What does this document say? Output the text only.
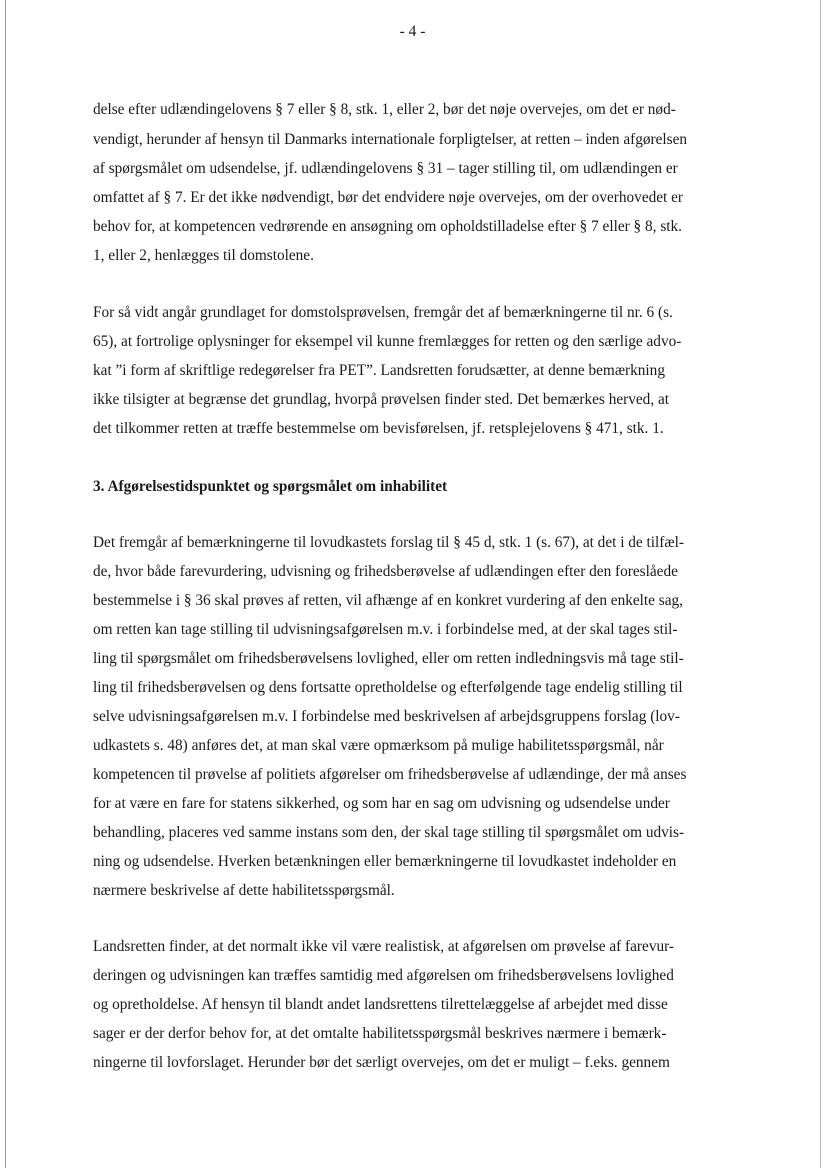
- 4 -
delse efter udlændingelovens § 7 eller § 8, stk. 1, eller 2, bør det nøje overvejes, om det er nød-
vendigt, herunder af hensyn til Danmarks internationale forpligtelser, at retten – inden afgørelsen
af spørgsmålet om udsendelse, jf. udlændingelovens § 31 – tager stilling til, om udlændingen er
omfattet af § 7. Er det ikke nødvendigt, bør det endvidere nøje overvejes, om der overhovedet er
behov for, at kompetencen vedrørende en ansøgning om opholdstilladelse efter § 7 eller § 8, stk.
1, eller 2, henlægges til domstolene.
For så vidt angår grundlaget for domstolsprøvelsen, fremgår det af bemærkningerne til nr. 6 (s.
65), at fortrolige oplysninger for eksempel vil kunne fremlægges for retten og den særlige advo-
kat ”i form af skriftlige redegørelser fra PET”. Landsretten forudsætter, at denne bemærkning
ikke tilsigter at begrænse det grundlag, hvorpå prøvelsen finder sted. Det bemærkes herved, at
det tilkommer retten at træffe bestemmelse om bevisførelsen, jf. retsplejelovens § 471, stk. 1.
3. Afgørelsestidspunktet og spørgsmålet om inhabilitet
Det fremgår af bemærkningerne til lovudkastets forslag til § 45 d, stk. 1 (s. 67), at det i de tilfæl-
de, hvor både farevurdering, udvisning og frihedsberøvelse af udlændingen efter den foreslåede
bestemmelse i § 36 skal prøves af retten, vil afhænge af en konkret vurdering af den enkelte sag,
om retten kan tage stilling til udvisningsafgørelsen m.v. i forbindelse med, at der skal tages stil-
ling til spørgsmålet om frihedsberøvelsens lovlighed, eller om retten indledningsvis må tage stil-
ling til frihedsberøvelsen og dens fortsatte opretholdelse og efterfølgende tage endelig stilling til
selve udvisningsafgørelsen m.v. I forbindelse med beskrivelsen af arbejdsgruppens forslag (lov-
udkastets s. 48) anføres det, at man skal være opmærksom på mulige habilitetsspørgsmål, når
kompetencen til prøvelse af politiets afgørelser om frihedsberøvelse af udlændinge, der må anses
for at være en fare for statens sikkerhed, og som har en sag om udvisning og udsendelse under
behandling, placeres ved samme instans som den, der skal tage stilling til spørgsmålet om udvis-
ning og udsendelse. Hverken betænkningen eller bemærkningerne til lovudkastet indeholder en
nærmere beskrivelse af dette habilitetsspørgsmål.
Landsretten finder, at det normalt ikke vil være realistisk, at afgørelsen om prøvelse af farevur-
deringen og udvisningen kan træffes samtidig med afgørelsen om frihedsberøvelsens lovlighed
og opretholdelse. Af hensyn til blandt andet landsrettens tilrettelæggelse af arbejdet med disse
sager er der derfor behov for, at det omtalte habilitetsspørgsmål beskrives nærmere i bemærk-
ningerne til lovforslaget. Herunder bør det særligt overvejes, om det er muligt – f.eks. gennem
